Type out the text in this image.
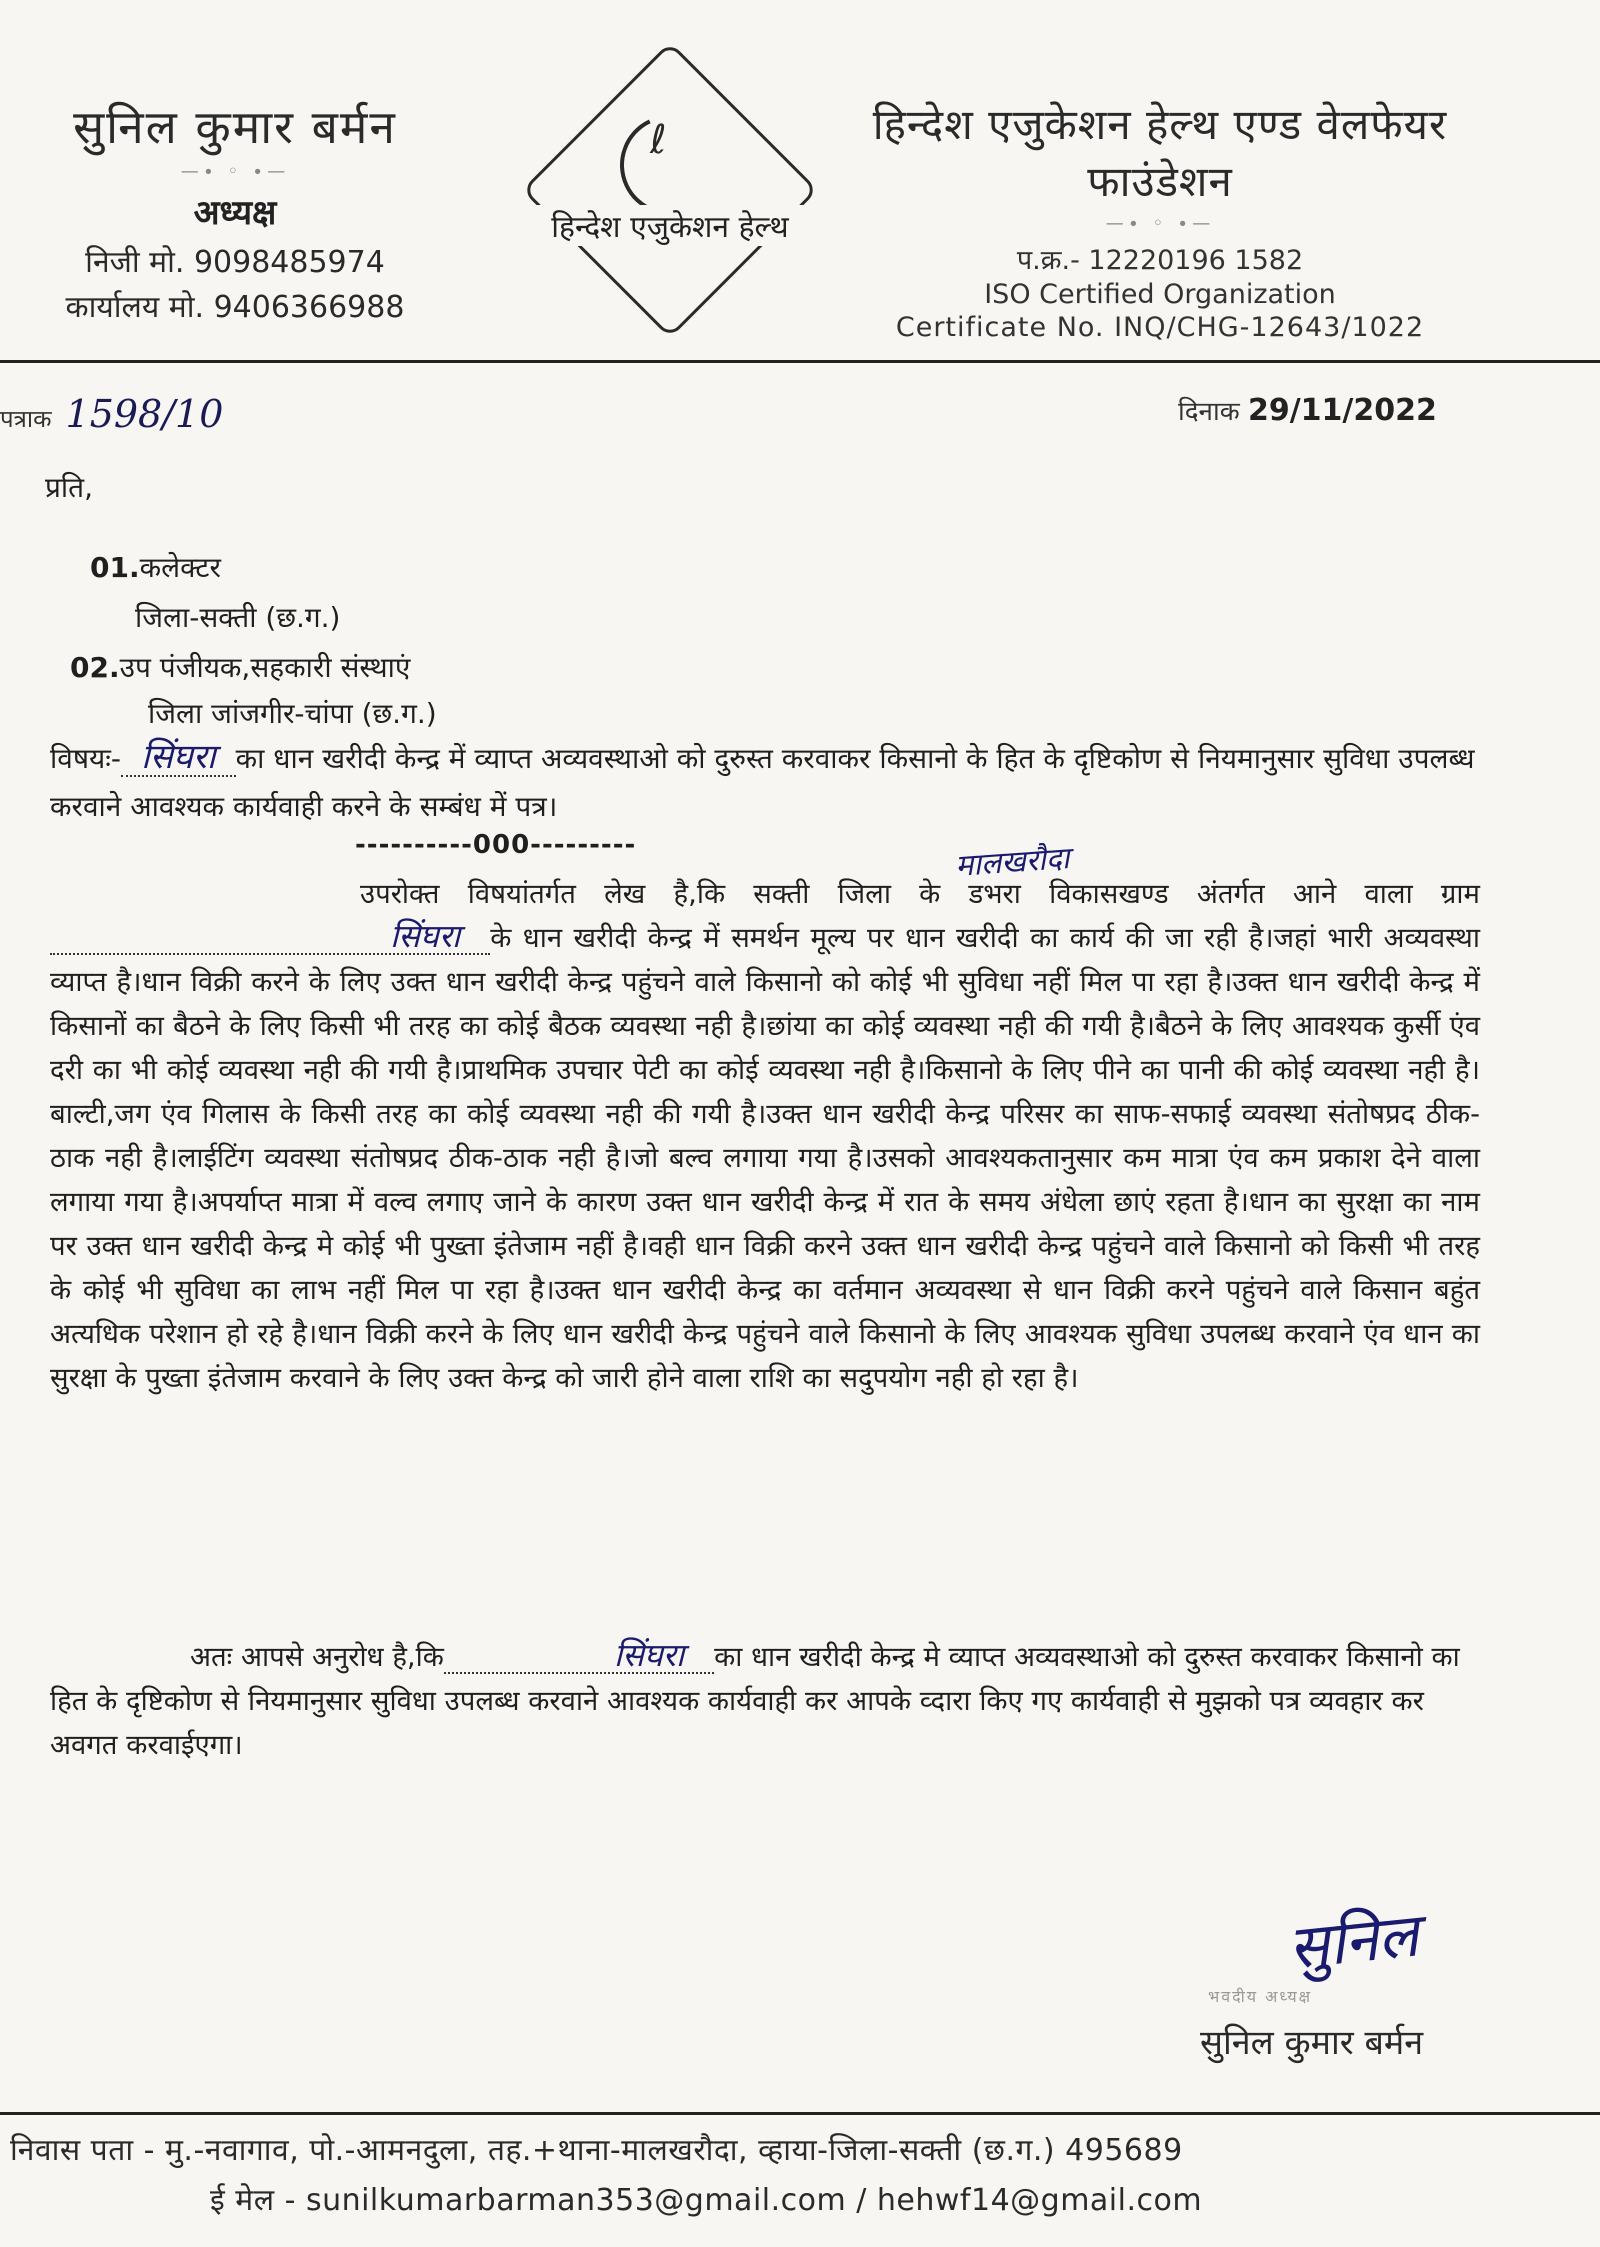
सुनिल कुमार बर्मन
—∙ ◦ ∙—
अध्यक्ष
निजी मो. 9098485974
कार्यालय मो. 9406366988
ℓ
हिन्देश एजुकेशन हेल्थ
हिन्देश एजुकेशन हेल्थ एण्ड वेलफेयर फाउंडेशन
—∙ ◦ ∙—
प.क्र.- 12220196 1582
ISO Certified Organization
Certificate No. INQ/CHG-12643/1022
पत्राक 1598/10	दिनाक 29/11/2022
प्रति,
01.कलेक्टर
जिला-सक्ती (छ.ग.)
02.उप पंजीयक,सहकारी संस्थाएं
जिला जांजगीर-चांपा (छ.ग.)
विषयः- सिंघरा का धान खरीदी केन्द्र में व्याप्त अव्यवस्थाओ को दुरुस्त करवाकर किसानो के हित के दृष्टिकोण से नियमानुसार सुविधा उपलब्ध करवाने आवश्यक कार्यवाही करने के सम्बंध में पत्र।
----------000---------	मालखरौदा

उपरोक्त विषयांतर्गत लेख है,कि सक्ती जिला के डभरा विकासखण्ड अंतर्गत आने वाला ग्रामसिंघरा के धान खरीदी केन्द्र में समर्थन मूल्य पर धान खरीदी का कार्य की जा रही है।जहां भारी अव्यवस्था व्याप्त है।धान विक्री करने के लिए उक्त धान खरीदी केन्द्र पहुंचने वाले किसानो को कोई भी सुविधा नहीं मिल पा रहा है।उक्त धान खरीदी केन्द्र में किसानों का बैठने के लिए किसी भी तरह का कोई बैठक व्यवस्था नही है।छांया का कोई व्यवस्था नही की गयी है।बैठने के लिए आवश्यक कुर्सी एंव दरी का भी कोई व्यवस्था नही की गयी है।प्राथमिक उपचार पेटी का कोई व्यवस्था नही है।किसानो के लिए पीने का पानी की कोई व्यवस्था नही है।बाल्टी,जग एंव गिलास के किसी तरह का कोई व्यवस्था नही की गयी है।उक्त धान खरीदी केन्द्र परिसर का साफ-सफाई व्यवस्था संतोषप्रद ठीक-ठाक नही है।लाईटिंग व्यवस्था संतोषप्रद ठीक-ठाक नही है।जो बल्व लगाया गया है।उसको आवश्यकतानुसार कम मात्रा एंव कम प्रकाश देने वाला लगाया गया है।अपर्याप्त मात्रा में वल्व लगाए जाने के कारण उक्त धान खरीदी केन्द्र में रात के समय अंधेला छाएं रहता है।धान का सुरक्षा का नाम पर उक्त धान खरीदी केन्द्र मे कोई भी पुख्ता इंतेजाम नहीं है।वही धान विक्री करने उक्त धान खरीदी केन्द्र पहुंचने वाले किसानो को किसी भी तरह के कोई भी सुविधा का लाभ नहीं मिल पा रहा है।उक्त धान खरीदी केन्द्र का वर्तमान अव्यवस्था से धान विक्री करने पहुंचने वाले किसान बहुंत अत्यधिक परेशान हो रहे है।धान विक्री करने के लिए धान खरीदी केन्द्र पहुंचने वाले किसानो के लिए आवश्यक सुविधा उपलब्ध करवाने एंव धान का सुरक्षा के पुख्ता इंतेजाम करवाने के लिए उक्त केन्द्र को जारी होने वाला राशि का सदुपयोग नही हो रहा है।

अतः आपसे अनुरोध है,कि	सिंघरा का धान खरीदी केन्द्र मे व्याप्त अव्यवस्थाओ को दुरुस्त करवाकर किसानो का हित के दृष्टिकोण से नियमानुसार सुविधा उपलब्ध करवाने आवश्यक कार्यवाही कर आपके व्दारा किए गए कार्यवाही से मुझको पत्र व्यवहार कर अवगत करवाईएगा।

सुनिल
भवदीय अध्यक्ष
सुनिल कुमार बर्मन
निवास पता - मु.-नवागाव, पो.-आमनदुला, तह.+थाना-मालखरौदा, व्हाया-जिला-सक्ती (छ.ग.) 495689
ई मेल - sunilkumarbarman353@gmail.com / hehwf14@gmail.com
